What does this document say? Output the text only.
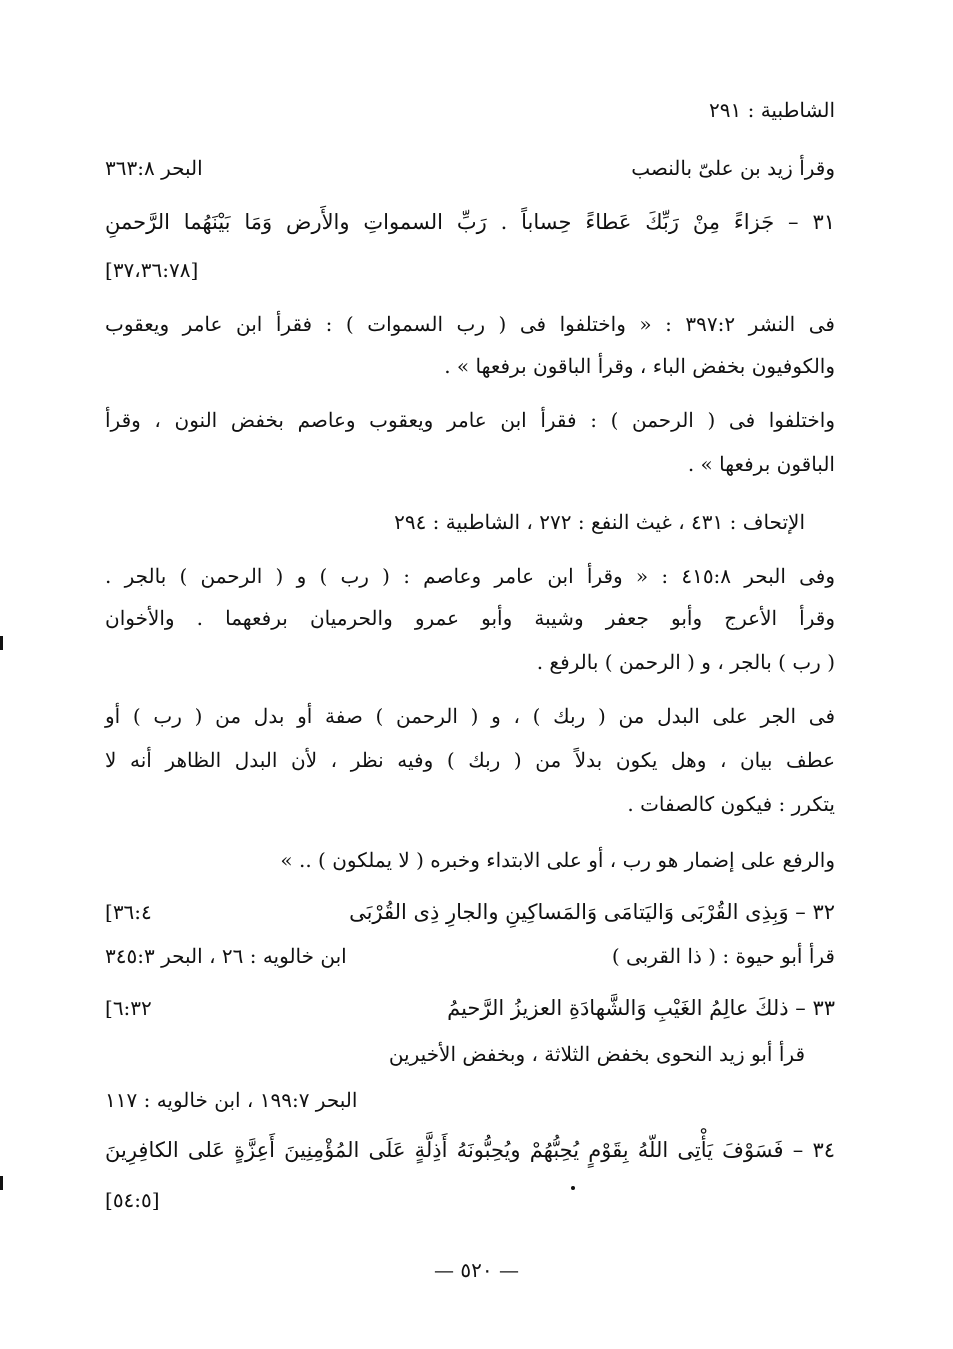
الشاطبية : ٢٩١
وقرأ زيد بن علىّ بالنصب
البحر ٣٦٣:٨
٣١ – جَزاءً مِنْ رَبِّكَ عَطاءً حِساباً . رَبِّ السمواتِ والأَرض وَمَا بَيْنَهُما الرَّحمنِ
[٣٧،٣٦:٧٨]
فى النشر ٣٩٧:٢ : « واختلفوا فى ( رب السموات ) : فقرأ ابن عامر ويعقوب
والكوفيون بخفض الباء ، وقرأ الباقون برفعها » .
واختلفوا فى ( الرحمن ) : فقرأ ابن عامر ويعقوب وعاصم بخفض النون ، وقرأ
الباقون برفعها » .
الإتحاف : ٤٣١ ، غيث النفع : ٢٧٢ ، الشاطبية : ٢٩٤
وفى البحر ٤١٥:٨ : « وقرأ ابن عامر وعاصم : ( رب ) و ( الرحمن ) بالجر .
وقرأ الأعرج وأبو جعفر وشيبة وأبو عمرو والحرميان برفعهما . والأخوان
( رب ) بالجر ، و ( الرحمن ) بالرفع .
فى الجر على البدل من ( ربك ) ، و ( الرحمن ) صفة أو بدل من ( رب ) أو
عطف بيان ، وهل يكون بدلاً من ( ربك ) وفيه نظر ، لأن البدل الظاهر أنه لا
يتكرر : فيكون كالصفات .
والرفع على إضمار هو رب ، أو على الابتداء وخبره ( لا يملكون ) .. »
٣٢ – وَبِذِى القُرْبَى وَاليَتامَى وَالمَساكِينِ والجارِ ذِى القُرْبَى
[٣٦:٤
قرأ أبو حيوة : ( ذا القربى )
ابن خالويه : ٢٦ ، البحر ٣٤٥:٣
٣٣ – ذلكَ عالِمُ الغَيْبِ وَالشَّهادَةِ العزيزُ الرَّحيمُ
[٦:٣٢
قرأ أبو زيد النحوى بخفض الثلاثة ، وبخفض الأخيرين
البحر ١٩٩:٧ ، ابن خالويه : ١١٧
٣٤ – فَسَوْفَ يَأْتِى اللّهُ بِقَوْمٍ يُحِبُّهُمْ ويُحِبُّونَهُ أَذِلَّةٍ عَلَى المُؤْمِنِينَ أَعِزَّةٍ عَلى الكافِرِينَ
[٥٤:٥]
— ٥٢٠ —
